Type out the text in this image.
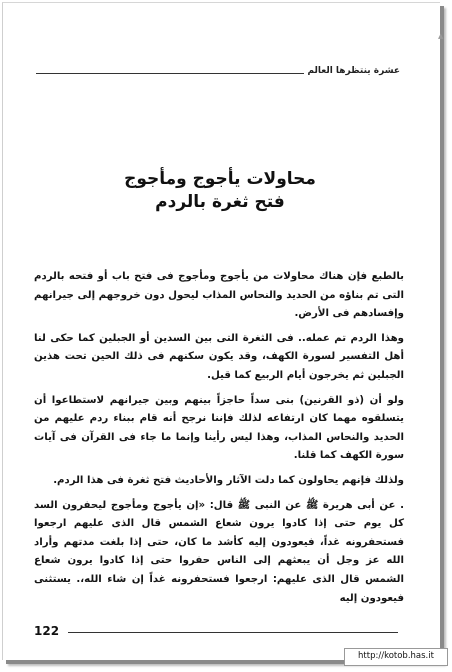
▲
عشرة ينتظرها العالم
محاولات يأجوج ومأجوج
فتح ثغرة بالردم

بالطبع فإن هناك محاولات من يأجوج ومأجوج فى فتح باب أو فتحه بالردم التى تم بناؤه من الحديد والنحاس المذاب ليحول دون خروجهم إلى جيرانهم وإفسادهم فى الأرض.

وهذا الردم تم عمله.. فى الثغرة التى بين السدين أو الجبلين كما حكى لنا أهل التفسير لسورة الكهف، وقد يكون سكنهم فى ذلك الحين تحت هذين الجبلين ثم يخرجون أيام الربيع كما قيل.

ولو أن (ذو القرنين) بنى سداً حاجزاً بينهم وبين جيرانهم لاستطاعوا أن يتسلقوه مهما كان ارتفاعه لذلك فإننا نرجح أنه قام ببناء ردم عليهم من الحديد والنحاس المذاب، وهذا ليس رأينا وإنما ما جاء فى القرآن فى آيات سورة الكهف كما قلنا.

ولذلك فإنهم يحاولون كما دلت الآثار والأحاديث فتح ثغرة فى هذا الردم.

. عن أبى هريرة ﷺ عن النبى ﷺ قال: «إن يأجوج ومأجوج ليحفرون السد كل يوم حتى إذا كادوا يرون شعاع الشمس قال الذى عليهم ارجعوا فستحفرونه غداً، فيعودون إليه كأشد ما كان، حتى إذا بلغت مدتهم وأراد الله عز وجل أن يبعثهم إلى الناس حفروا حتى إذا كادوا يرون شعاع الشمس قال الذى عليهم: ارجعوا فستحفرونه غداً إن شاء الله،. يستثنى فيعودون إليه

122
http://kotob.has.it
